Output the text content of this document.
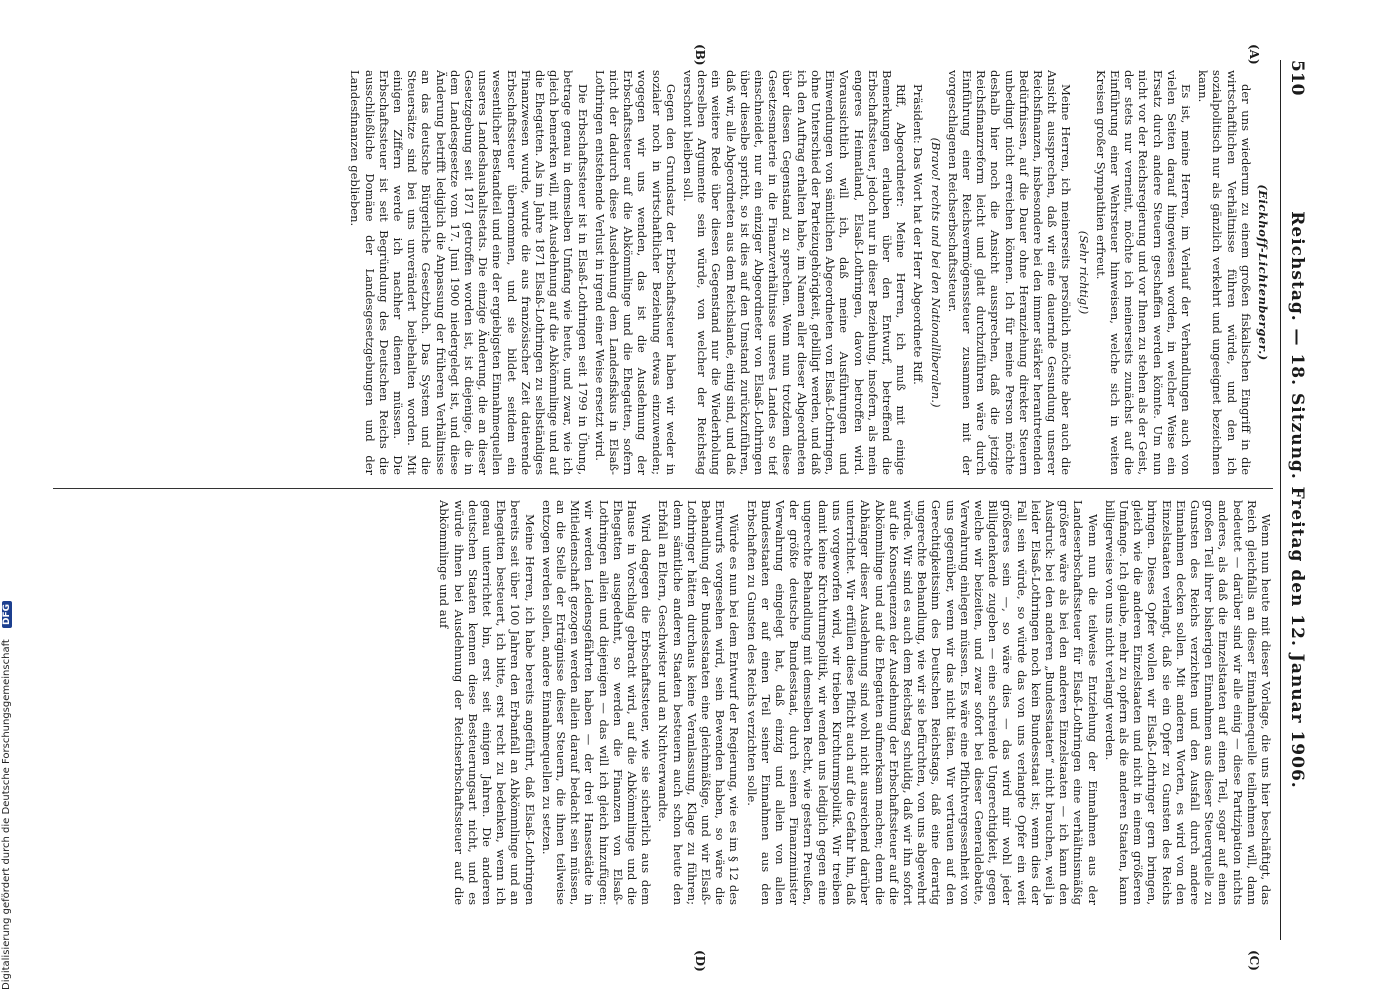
510
Reichstag. — 18. Sitzung. Freitag den 12. Januar 1906.
(A)
(B)
(C)
(D)

(Eickhoff-Lichtenberger.)

der uns wiederum zu einem großen fiskalischen Eingriff in die wirtschaftlichen Verhältnisse führen würde, und den ich sozialpolitisch nur als gänzlich verkehrt und ungeeignet bezeichnen kann.

Es ist, meine Herren, im Verlauf der Verhandlungen auch von vielen Seiten darauf hingewiesen worden, in welcher Weise ein Ersatz durch andere Steuern geschaffen werden könnte. Um nun nicht vor der Reichsregierung und vor Ihnen zu stehen als der Geist, der stets nur verneint, möchte ich meinerseits zunächst auf die Einführung einer Wehrsteuer hinweisen, welche sich in weiten Kreisen großer Sympathien erfreut.

(Sehr richtig!)

Meine Herren, ich meinerseits persönlich möchte aber auch die Ansicht aussprechen, daß wir eine dauernde Gesundung unserer Reichsfinanzen, insbesondere bei den immer stärker herantretenden Bedürfnissen, auf die Dauer ohne Heranziehung direkter Steuern unbedingt nicht erreichen können. Ich für meine Person möchte deshalb hier noch die Ansicht aussprechen, daß die jetzige Reichsfinanzreform leicht und glatt durchzuführen wäre durch Einführung einer Reichsvermögenssteuer zusammen mit der vorgeschlagenen Reichserbschaftssteuer.

(Bravo! rechts und bei den Nationalliberalen.)

Präsident: Das Wort hat der Herr Abgeordnete Riff.

Riff, Abgeordneter: Meine Herren, ich muß mit einige Bemerkungen erlauben über den Entwurf, betreffend die Erbschaftssteuer, jedoch nur in dieser Beziehung, insofern, als mein engeres Heimatland, Elsaß-Lothringen, davon betroffen wird. Voraussichtlich will ich, daß meine Ausführungen und Einwendungen von sämtlichen Abgeordneten von Elsaß-Lothringen, ohne Unterschied der Parteizugehörigkeit, gebilligt werden, und daß ich den Auftrag erhalten habe, im Namen aller dieser Abgeordneten über diesen Gegenstand zu sprechen. Wenn nun trotzdem diese Gesetzesmaterie in die Finanzverhältnisse unseres Landes so tief einschneidet, nur ein einziger Abgeordneter von Elsaß-Lothringen über dieselbe spricht, so ist dies auf den Umstand zurückzuführen, daß wir, alle Abgeordneten aus dem Reichslande, einig sind, und daß ein weitere Rede über diesen Gegenstand nur die Wiederholung derselben Argumente sein würde, von welcher der Reichstag verschont bleiben soll.

Gegen den Grundsatz der Erbschaftssteuer haben wir weder in sozialer noch in wirtschaftlicher Beziehung etwas einzuwenden; wogegen wir uns wenden, das ist die Ausdehnung der Erbschaftssteuer auf die Abkömmlinge und die Ehegatten, sofern nicht der dadurch diese Ausdehnung dem Landesfiskus in Elsaß-Lothringen entstehende Verlust in irgend einer Weise ersetzt wird.

Die Erbschaftssteuer ist in Elsaß-Lothringen seit 1799 in Übung, betrage genau in demselben Umfang wie heute, und zwar, wie ich gleich bemerken will, mit Ausdehnung auf die Abkömmlinge und auf die Ehegatten. Als im Jahre 1871 Elsaß-Lothringen zu selbständiges Finanzwesen wurde, wurde die aus französischer Zeit datierende Erbschaftssteuer übernommen, und sie bildet seitdem ein wesentlicher Bestandteil und eine der ergiebigsten Einnahmequellen unseres Landeshaushaltsetats. Die einzige Änderung, die an dieser Gesetzgebung seit 1871 getroffen worden ist, ist diejenige, die in dem Landesgesetze vom 17. Juni 1900 niedergelegt ist, und diese Änderung betrifft lediglich die Anpassung der früheren Verhältnisse an das deutsche Bürgerliche Gesetzbuch. Das System und die Steuersätze sind bei uns unverändert beibehalten worden. Mit einigen Ziffern werde ich nachher dienen müssen. Die Erbschaftssteuer ist seit Begründung des Deutschen Reichs die ausschließliche Domäne der Landesgesetzgebungen und der Landesfinanzen geblieben.

Wenn nun heute mit dieser Vorlage, die uns hier beschäftigt, das Reich gleichfalls an dieser Einnahmequelle teilnehmen will, dann bedeutet — darüber sind wir alle einig — diese Partizipation nichts anderes, als daß die Einzelstaaten auf einen Teil, sogar auf einen großen Teil ihrer bisherigen Einnahmen aus dieser Steuerquelle zu Gunsten des Reichs verzichten und den Ausfall durch andere Einnahmen decken sollen. Mit anderen Worten, es wird von den Einzelstaaten verlangt, daß sie ein Opfer zu Gunsten des Reichs bringen. Dieses Opfer wollen wir Elsaß-Lothringer gern bringen, gleich wie die anderen Einzelstaaten und nicht in einem größeren Umfange. Ich glaube, mehr zu opfern als die anderen Staaten, kann billigerweise von uns nicht verlangt werden.

Wenn nun die teilweise Entziehung der Einnahmen aus der Landeserbschaftssteuer für Elsaß-Lothringen eine verhältnismäßig größere wäre als bei den anderen Einzelstaaten — ich kann den Ausdruck: bei den anderen „Bundesstaaten“ nicht brauchen, weil ja leider Elsaß-Lothringen noch kein Bundesstaat ist; wenn dies der Fall sein würde, so würde das von uns verlangte Opfer ein weit größeres sein —, so wäre dies — das wird mir wohl jeder Billigdenkende zugeben — eine schreiende Ungerechtigkeit, gegen welche wir beizeiten, und zwar sofort bei dieser Generaldebatte, Verwahrung einlegen müssen. Es wäre eine Pflichtvergessenheit von uns gegenüber, wenn wir das nicht täten. Wir vertrauen auf den Gerechtigkeitssinn des Deutschen Reichstags, daß eine derartig ungerechte Behandlung, wie wir sie befürchten, von uns abgewehrt würde. Wir sind es auch dem Reichstag schuldig, daß wir ihn sofort auf die Konsequenzen der Ausdehnung der Erbschaftssteuer auf die Abkömmlinge und auf die Ehegatten aufmerksam machen; denn die Abhänger dieser Ausdehnung sind wohl nicht ausreichend darüber unterrichtet. Wir erfüllen diese Pflicht auch auf die Gefahr hin, daß uns vorgeworfen wird, wir trieben Kirchturmspolitik. Wir treiben damit keine Kirchturmspolitik, wir wenden uns lediglich gegen eine ungerechte Behandlung mit demselben Recht, wie gestern Preußen, der größte deutsche Bundesstaat, durch seinen Finanzminister Verwahrung eingelegt hat, daß einzig und allein von allen Bundesstaaten er auf einen Teil seiner Einnahmen aus den Erbschaften zu Gunsten des Reichs verzichten solle.

Würde es nun bei dem Entwurf der Regierung, wie es im § 12 des Entwurfs vorgesehen wird, sein Bewenden haben, so wäre die Behandlung der Bundesstaaten eine gleichmäßige, und wir Elsaß-Lothringer hätten durchaus keine Veranlassung, Klage zu führen; denn sämtliche anderen Staaten besteuern auch schon heute den Erbfall an Eltern, Geschwister und an Nichtverwandte.

Wird dagegen die Erbschaftssteuer, wie sie sicherlich aus dem Hause in Vorschlag gebracht wird, auf die Abkömmlinge und die Ehegatten ausgedehnt, so werden die Finanzen von Elsaß-Lothringen allein und diejenigen — das will ich gleich hinzufügen: wir werden Leidensgefährten haben — der drei Hansestädte in Mitleidenschaft gezogen werden allein darauf bedacht sein müssen, an die Stelle der Erträgnisse dieser Steuern, die ihnen teilweise entzogen werden sollen, andere Einnahmequellen zu setzen.

Meine Herren, ich habe bereits angeführt, daß Elsaß-Lothringen bereits seit über 100 Jahren den Erbanfall an Abkömmlinge und an Ehegatten besteuert, ich bitte, erst recht zu bedenken, wenn ich genau unterrichtet bin, erst seit einigen Jahren. Die anderen deutschen Staaten kennen diese Besteuerungsart nicht, und es würde ihnen bei Ausdehnung der Reichserbschaftssteuer auf die Abkömmlinge und auf

Digitalisierung gefördert durch die Deutsche Forschungsgemeinschaft DFG
